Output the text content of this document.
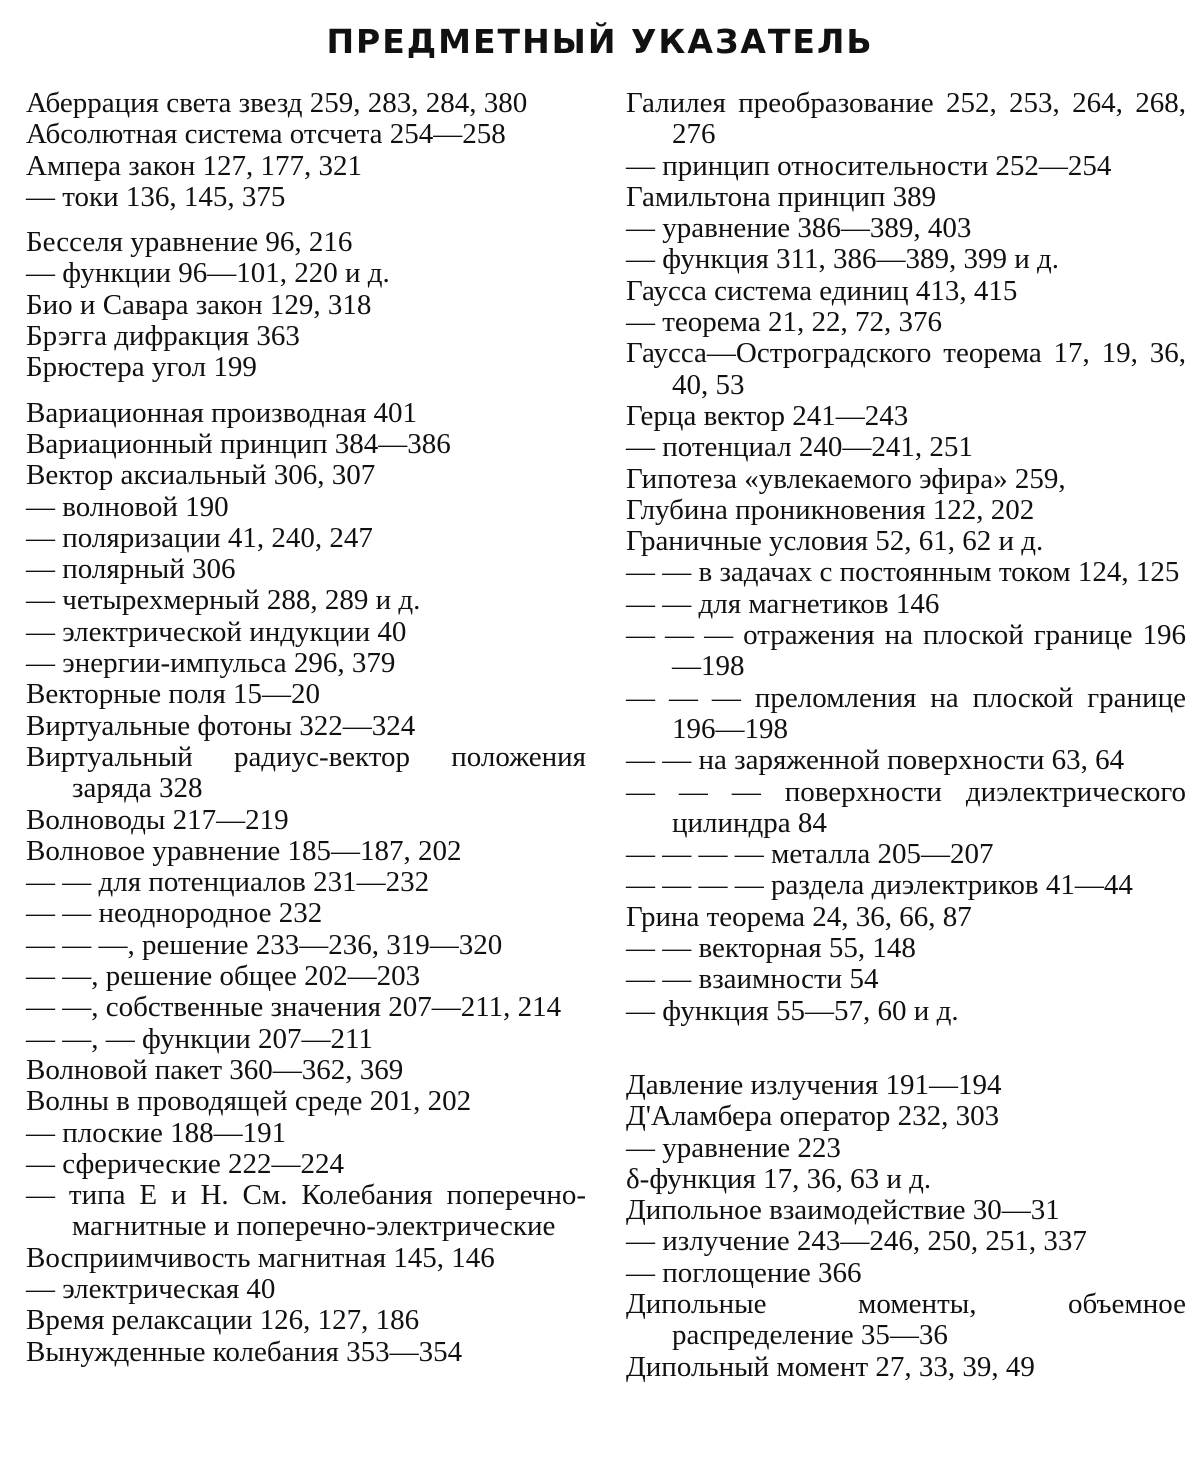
ПРЕДМЕТНЫЙ УКАЗАТЕЛЬ
Аберрация света звезд 259, 283, 284, 380
Абсолютная система отсчета 254—258
Ампера закон 127, 177, 321
— токи 136, 145, 375
Бесселя уравнение 96, 216
— функции 96—101, 220 и д.
Био и Савара закон 129, 318
Брэгга дифракция 363
Брюстера угол 199
Вариационная производная 401
Вариационный принцип 384—386
Вектор аксиальный 306, 307
— волновой 190
— поляризации 41, 240, 247
— полярный 306
— четырехмерный 288, 289 и д.
— электрической индукции 40
— энергии-импульса 296, 379
Векторные поля 15—20
Виртуальные фотоны 322—324
Виртуальный радиус-вектор положения заряда 328
Волноводы 217—219
Волновое уравнение 185—187, 202
— — для потенциалов 231—232
— — неоднородное 232
— — —, решение 233—236, 319—320
— —, решение общее 202—203
— —, собственные значения 207—211, 214
— —, — функции 207—211
Волновой пакет 360—362, 369
Волны в проводящей среде 201, 202
— плоские 188—191
— сферические 222—224
— типа E и H. См. Колебания поперечно-магнитные и поперечно-электрические
Восприимчивость магнитная 145, 146
— электрическая 40
Время релаксации 126, 127, 186
Вынужденные колебания 353—354
Галилея преобразование 252, 253, 264, 268, 276
— принцип относительности 252—254
Гамильтона принцип 389
— уравнение 386—389, 403
— функция 311, 386—389, 399 и д.
Гаусса система единиц 413, 415
— теорема 21, 22, 72, 376
Гаусса—Остроградского теорема 17, 19, 36, 40, 53
Герца вектор 241—243
— потенциал 240—241, 251
Гипотеза «увлекаемого эфира» 259,
Глубина проникновения 122, 202
Граничные условия 52, 61, 62 и д.
— — в задачах с постоянным током 124, 125
— — для магнетиков 146
— — — отражения на плоской границе 196—198
— — — преломления на плоской границе 196—198
— — на заряженной поверхности 63, 64
— — — поверхности диэлектрического цилиндра 84
— — — — металла 205—207
— — — — раздела диэлектриков 41—44
Грина теорема 24, 36, 66, 87
— — векторная 55, 148
— — взаимности 54
— функция 55—57, 60 и д.
Давление излучения 191—194
Д'Аламбера оператор 232, 303
— уравнение 223
δ-функция 17, 36, 63 и д.
Дипольное взаимодействие 30—31
— излучение 243—246, 250, 251, 337
— поглощение 366
Дипольные моменты, объемное распределение 35—36
Дипольный момент 27, 33, 39, 49
